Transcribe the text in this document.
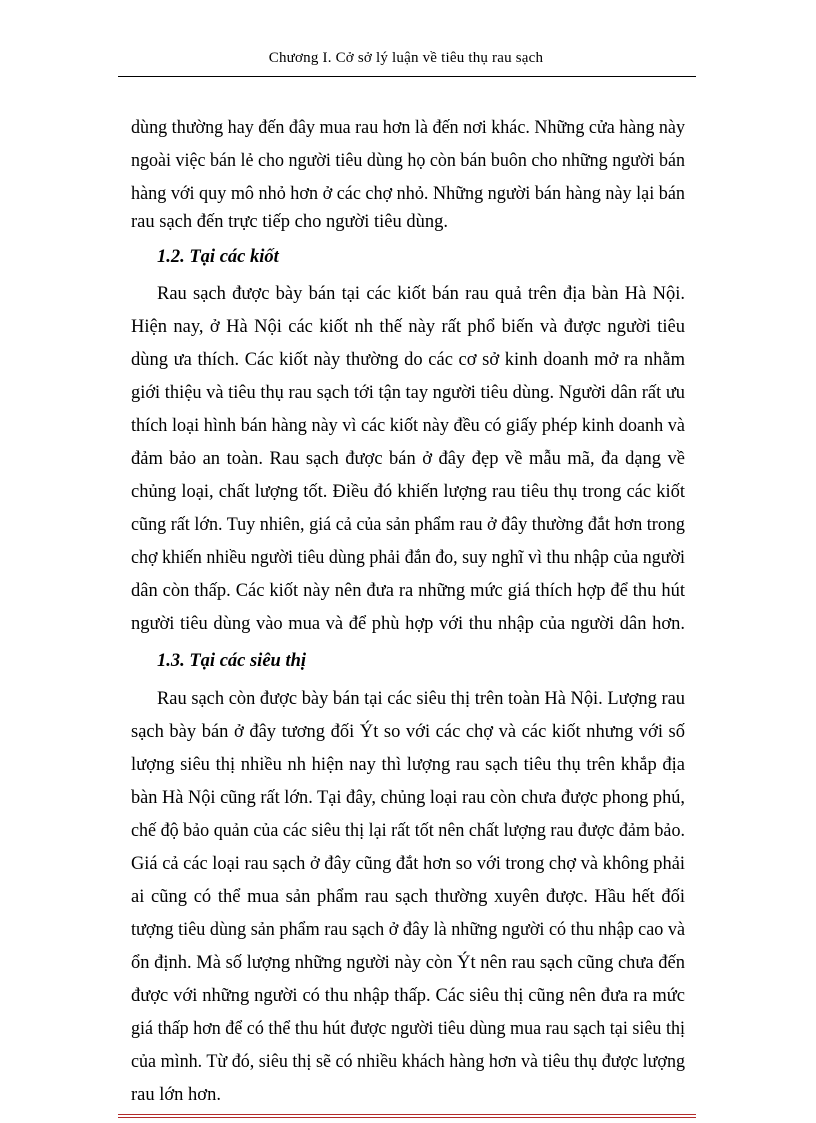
Chương I. Cở sở lý luận về tiêu thụ rau sạch
dùng thường hay đến đây mua rau hơn là đến nơi khác. Những cửa hàng này
ngoài việc bán lẻ cho người tiêu dùng họ còn bán buôn cho những người bán
hàng với quy mô nhỏ hơn ở các chợ nhỏ. Những người bán hàng này lại bán
rau sạch đến trực tiếp cho người tiêu dùng.
1.2. Tại các kiốt
Rau sạch được bày bán tại các kiốt bán rau quả trên địa bàn Hà Nội.
Hiện nay, ở Hà Nội các kiốt nh thế này rất phổ biến và được người tiêu
dùng ưa thích. Các kiốt này thường do các cơ sở kinh doanh mở ra nhằm
giới thiệu và tiêu thụ rau sạch tới tận tay người tiêu dùng. Người dân rất ưu
thích loại hình bán hàng này vì các kiốt này đều có giấy phép kinh doanh và
đảm bảo an toàn. Rau sạch được bán ở đây đẹp về mẫu mã, đa dạng về
chủng loại, chất lượng tốt. Điều đó khiến lượng rau tiêu thụ trong các kiốt
cũng rất lớn. Tuy nhiên, giá cả của sản phẩm rau ở đây thường đắt hơn trong
chợ khiến nhiều người tiêu dùng phải đắn đo, suy nghĩ vì thu nhập của người
dân còn thấp. Các kiốt này nên đưa ra những mức giá thích hợp để thu hút
người tiêu dùng vào mua và để phù hợp với thu nhập của người dân hơn.
1.3. Tại các siêu thị
Rau sạch còn được bày bán tại các siêu thị trên toàn Hà Nội. Lượng rau
sạch bày bán ở đây tương đối Ýt so với các chợ và các kiốt nhưng với số
lượng siêu thị nhiều nh hiện nay thì lượng rau sạch tiêu thụ trên khắp địa
bàn Hà Nội cũng rất lớn. Tại đây, chủng loại rau còn chưa được phong phú,
chế độ bảo quản của các siêu thị lại rất tốt nên chất lượng rau được đảm bảo.
Giá cả các loại rau sạch ở đây cũng đắt hơn so với trong chợ và không phải
ai cũng có thể mua sản phẩm rau sạch thường xuyên được. Hầu hết đối
tượng tiêu dùng sản phẩm rau sạch ở đây là những người có thu nhập cao và
ổn định. Mà số lượng những người này còn Ýt nên rau sạch cũng chưa đến
được với những người có thu nhập thấp. Các siêu thị cũng nên đưa ra mức
giá thấp hơn để có thể thu hút được người tiêu dùng mua rau sạch tại siêu thị
của mình. Từ đó, siêu thị sẽ có nhiều khách hàng hơn và tiêu thụ được lượng
rau lớn hơn.
